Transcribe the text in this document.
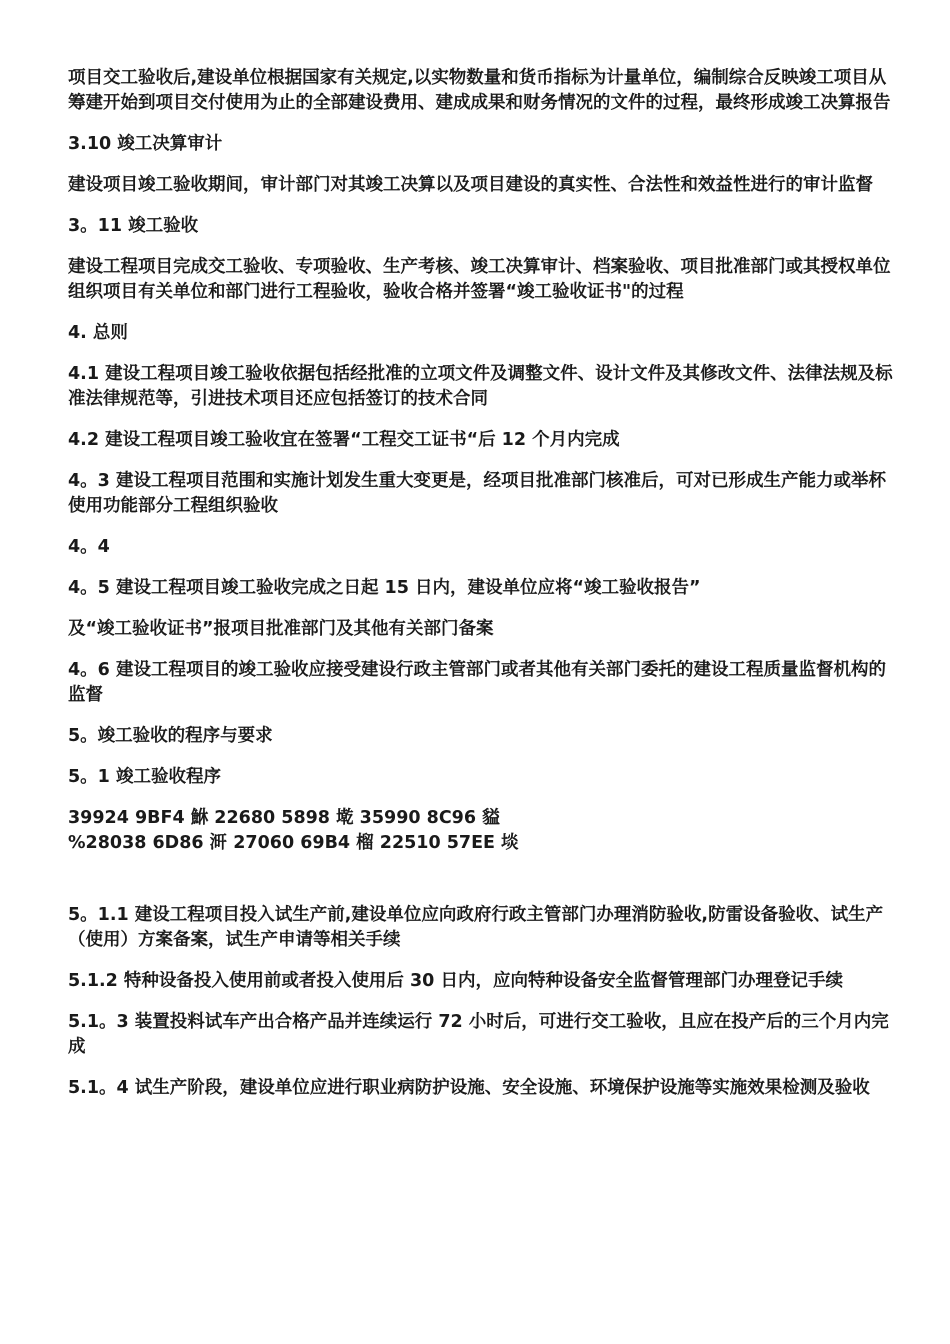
项目交工验收后,建设单位根据国家有关规定,以实物数量和货币指标为计量单位，编制综合反映竣工项目从筹建开始到项目交付使用为止的全部建设费用、建成成果和财务情况的文件的过程，最终形成竣工决算报告

3.10 竣工决算审计

建设项目竣工验收期间，审计部门对其竣工决算以及项目建设的真实性、合法性和效益性进行的审计监督

3。11 竣工验收

建设工程项目完成交工验收、专项验收、生产考核、竣工决算审计、档案验收、项目批准部门或其授权单位组织项目有关单位和部门进行工程验收，验收合格并签署“竣工验收证书"的过程

4. 总则

4.1 建设工程项目竣工验收依据包括经批准的立项文件及调整文件、设计文件及其修改文件、法律法规及标准法律规范等，引进技术项目还应包括签订的技术合同

4.2 建设工程项目竣工验收宜在签署“工程交工证书“后 12 个月内完成

4。3 建设工程项目范围和实施计划发生重大变更是，经项目批准部门核准后，可对已形成生产能力或举杯使用功能部分工程组织验收

4。4

4。5 建设工程项目竣工验收完成之日起 15 日内，建设单位应将“竣工验收报告”

及“竣工验收证书”报项目批准部门及其他有关部门备案

4。6 建设工程项目的竣工验收应接受建设行政主管部门或者其他有关部门委托的建设工程质量监督机构的监督

5。竣工验收的程序与要求

5。1 竣工验收程序

39924 9BF4 鮴 22680 5898 墘 35990 8C96 貖

%28038 6D86 涆 27060 69B4 榴 22510 57EE 埮

5。1.1 建设工程项目投入试生产前,建设单位应向政府行政主管部门办理消防验收,防雷设备验收、试生产（使用）方案备案，试生产申请等相关手续

5.1.2 特种设备投入使用前或者投入使用后 30 日内，应向特种设备安全监督管理部门办理登记手续

5.1。3 装置投料试车产出合格产品并连续运行 72 小时后，可进行交工验收，且应在投产后的三个月内完成

5.1。4 试生产阶段，建设单位应进行职业病防护设施、安全设施、环境保护设施等实施效果检测及验收
